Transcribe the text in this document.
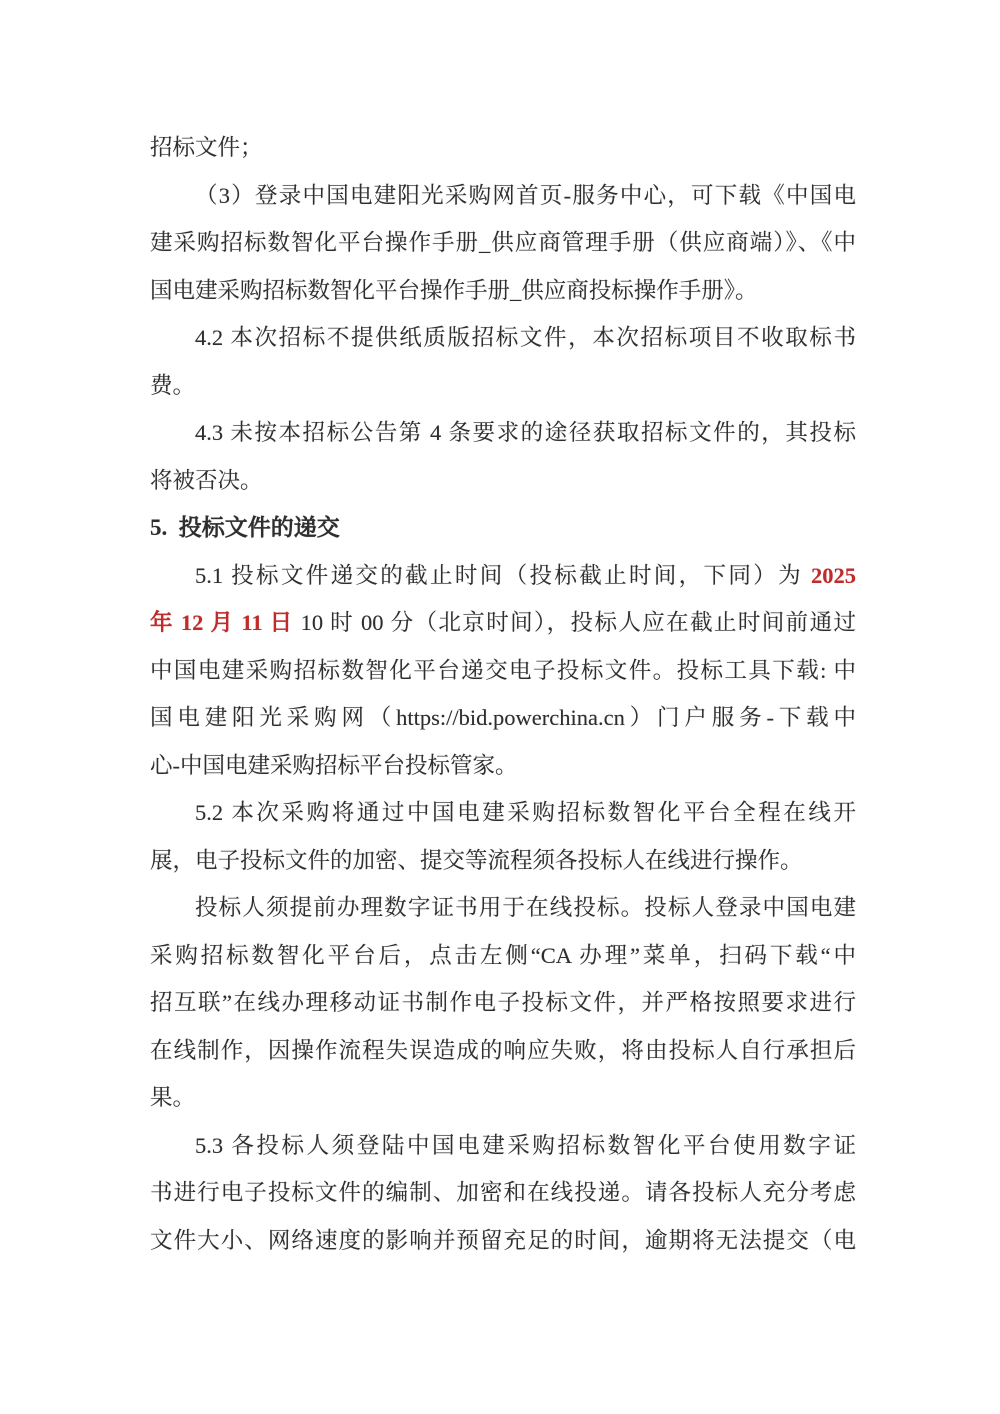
招标文件；
（3）登录中国电建阳光采购网首页-服务中心，可下载《中国电
建采购招标数智化平台操作手册_供应商管理手册（供应商端）》、《中
国电建采购招标数智化平台操作手册_供应商投标操作手册》。
4.2 本次招标不提供纸质版招标文件，本次招标项目不收取标书
费。
4.3 未按本招标公告第 4 条要求的途径获取招标文件的，其投标
将被否决。
5.  投标文件的递交
5.1 投标文件递交的截止时间（投标截止时间，下同）为 2025
年 12 月 11 日 10 时 00 分（北京时间），投标人应在截止时间前通过
中国电建采购招标数智化平台递交电子投标文件。投标工具下载: 中
国电建阳光采购网（https://bid.powerchina.cn）门户服务-下载中
心-中国电建采购招标平台投标管家。
5.2 本次采购将通过中国电建采购招标数智化平台全程在线开
展，电子投标文件的加密、提交等流程须各投标人在线进行操作。
投标人须提前办理数字证书用于在线投标。投标人登录中国电建
采购招标数智化平台后，点击左侧“CA 办理”菜单，扫码下载“中
招互联”在线办理移动证书制作电子投标文件，并严格按照要求进行
在线制作，因操作流程失误造成的响应失败，将由投标人自行承担后
果。
5.3 各投标人须登陆中国电建采购招标数智化平台使用数字证
书进行电子投标文件的编制、加密和在线投递。请各投标人充分考虑
文件大小、网络速度的影响并预留充足的时间，逾期将无法提交（电
